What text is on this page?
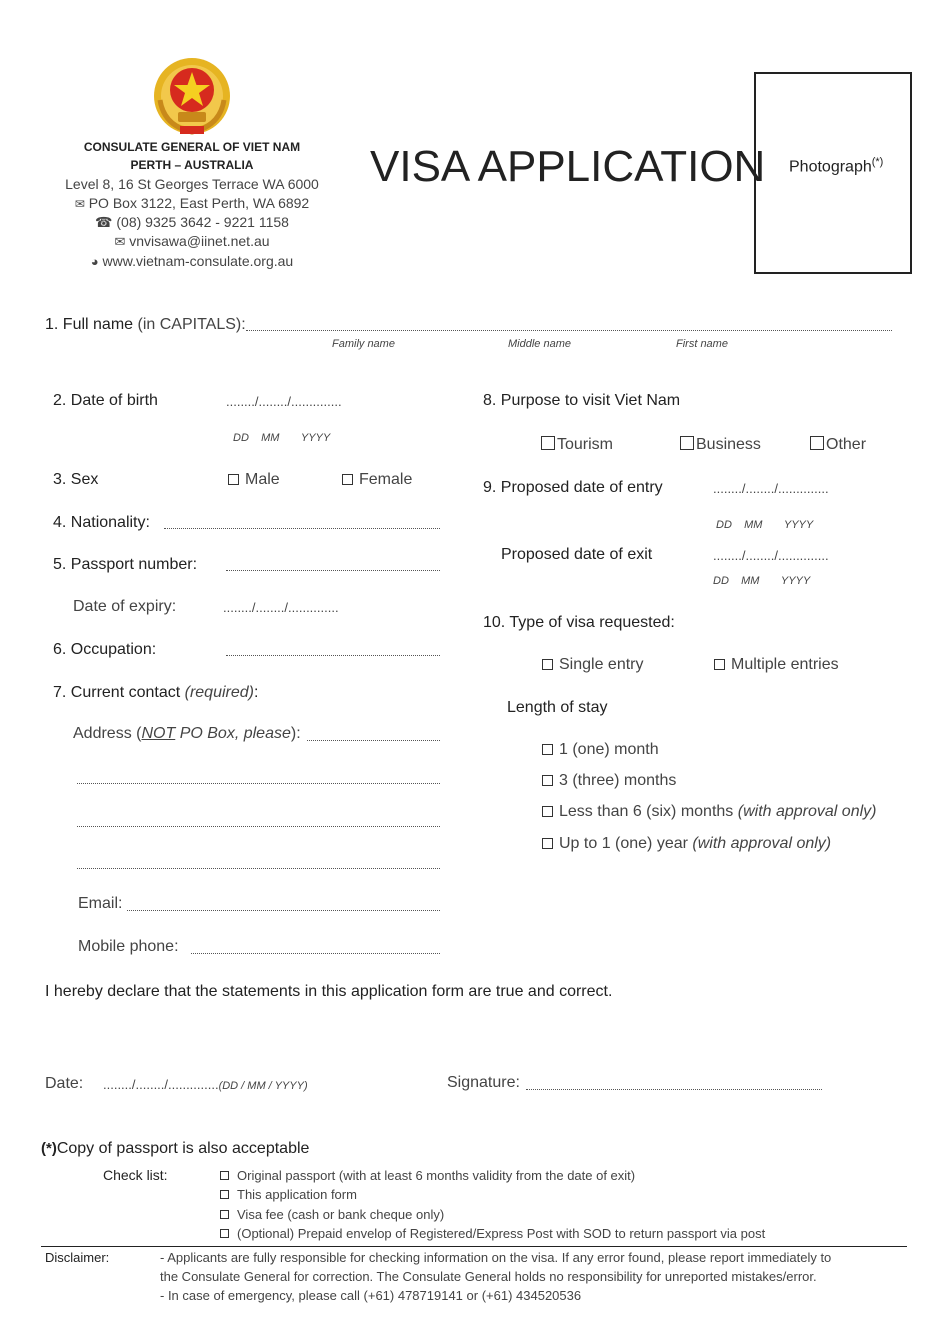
CONSULATE GENERAL OF VIET NAM
PERTH – AUSTRALIA
Level 8, 16 St Georges Terrace WA 6000
✉ PO Box 3122, East Perth, WA 6892
☎ (08) 9325 3642 - 9221 1158
✉ vnvisawa@iinet.net.au
◕ www.vietnam-consulate.org.au
VISA APPLICATION Photograph(*)
1. Full name (in CAPITALS):
Family name	Middle name	First name
2. Date of birth	......../......../..............
DD MM YYYY
3. Sex	Male	Female
4. Nationality:
5. Passport number:
Date of expiry:	......../......../..............
6. Occupation:
7. Current contact (required):
Address (NOT PO Box, please):
Email:
Mobile phone:
8. Purpose to visit Viet Nam
Tourism	Business	Other
9. Proposed date of entry	......../......../..............
DD MM YYYY
Proposed date of exit	......../......../..............
DD MM YYYY
10. Type of visa requested:
Single entry	Multiple entries
Length of stay
1 (one) month
3 (three) months
Less than 6 (six) months (with approval only)
Up to 1 (one) year (with approval only)
I hereby declare that the statements in this application form are true and correct.
Date: ......../......../..............(DD / MM / YYYY)	Signature:
(*)Copy of passport is also acceptable
Check list:	Original passport (with at least 6 months validity from the date of exit)
This application form
Visa fee (cash or bank cheque only)
(Optional) Prepaid envelop of Registered/Express Post with SOD to return passport via post
Disclaimer:	- Applicants are fully responsible for checking information on the visa. If any error found, please report immediately to
the Consulate General for correction. The Consulate General holds no responsibility for unreported mistakes/error.
- In case of emergency, please call (+61) 478719141 or (+61) 434520536
